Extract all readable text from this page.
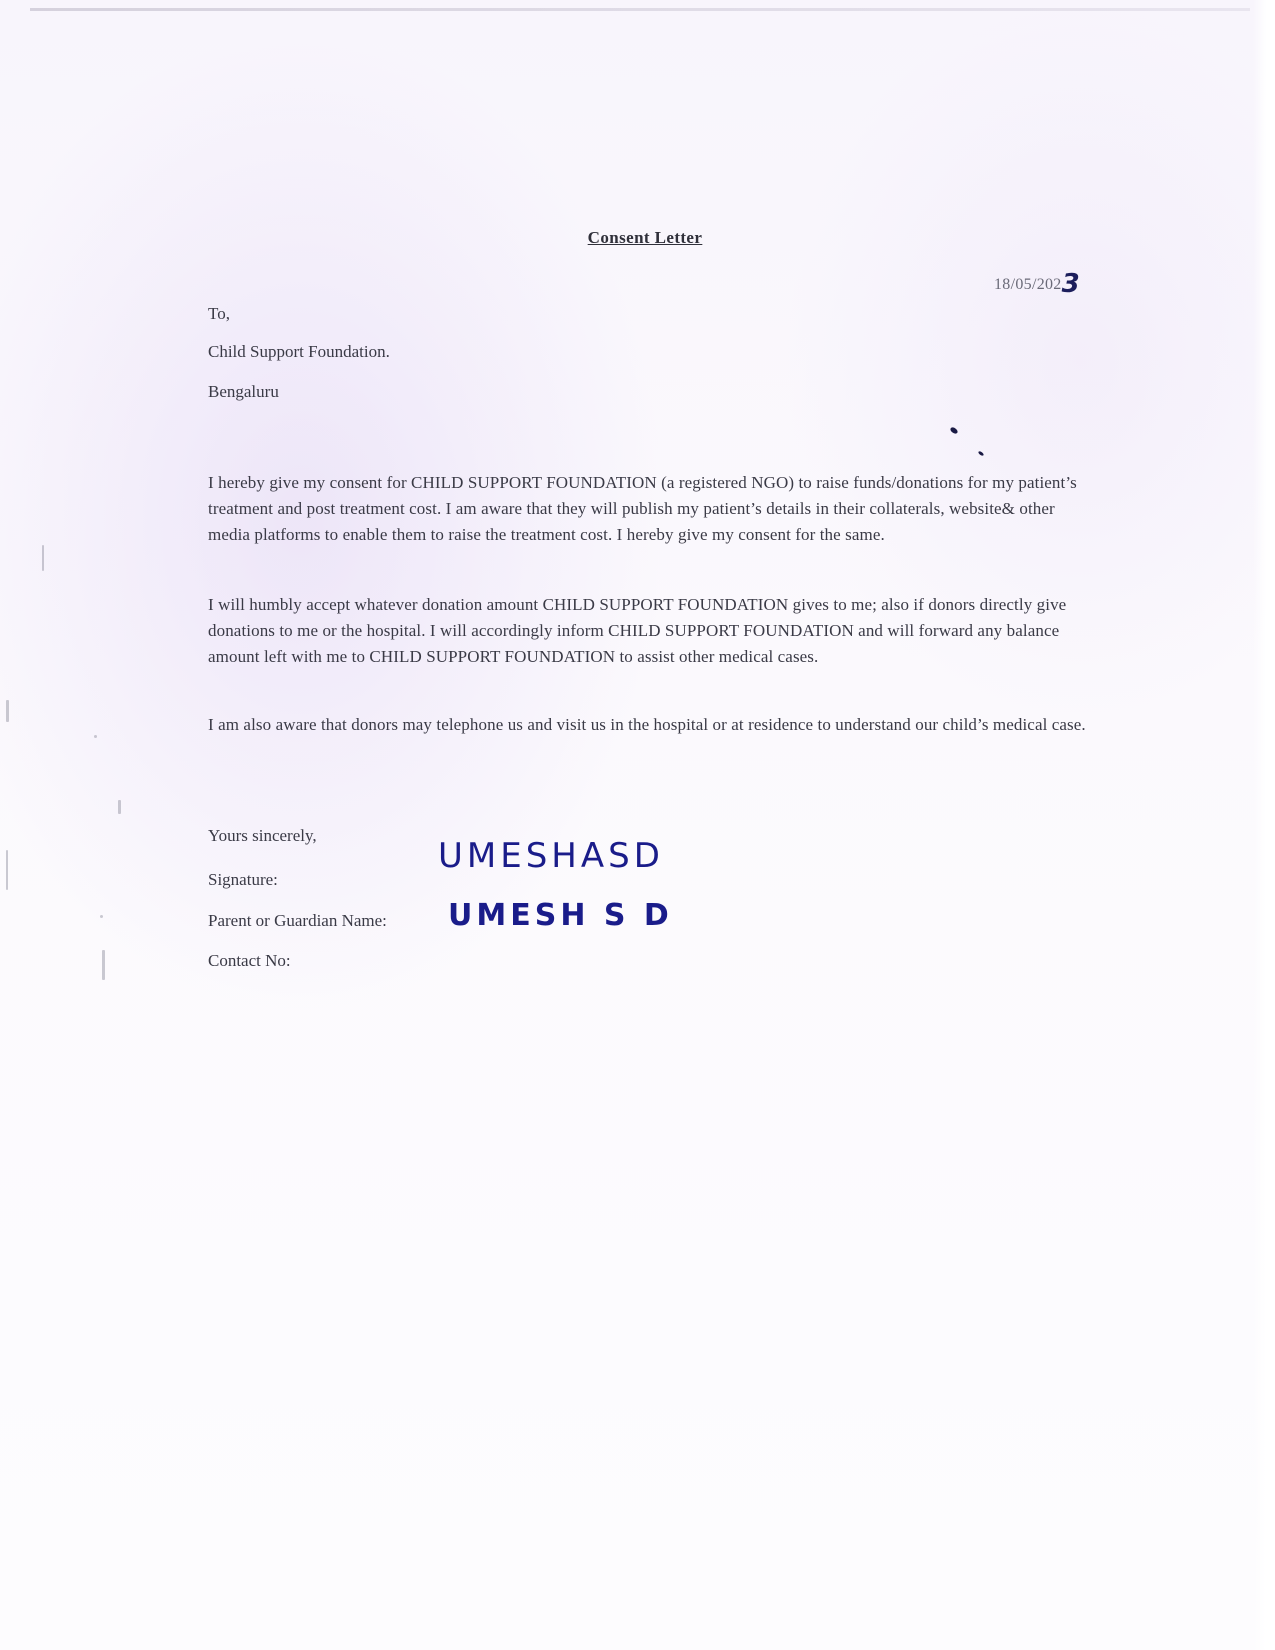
Consent Letter
18/05/2023
To,
Child Support Foundation.
Bengaluru
I hereby give my consent for CHILD SUPPORT FOUNDATION (a registered NGO) to raise funds/donations for my patient’s treatment and post treatment cost. I am aware that they will publish my patient’s details in their collaterals, website& other media platforms to enable them to raise the treatment cost. I hereby give my consent for the same.
I will humbly accept whatever donation amount CHILD SUPPORT FOUNDATION gives to me; also if donors directly give donations to me or the hospital. I will accordingly inform CHILD SUPPORT FOUNDATION and will forward any balance amount left with me to CHILD SUPPORT FOUNDATION to assist other medical cases.
I am also aware that donors may telephone us and visit us in the hospital or at residence to understand our child’s medical case.
Yours sincerely,
Signature:
UMESHASD
Parent or Guardian Name: UMESH S D
Contact No:
